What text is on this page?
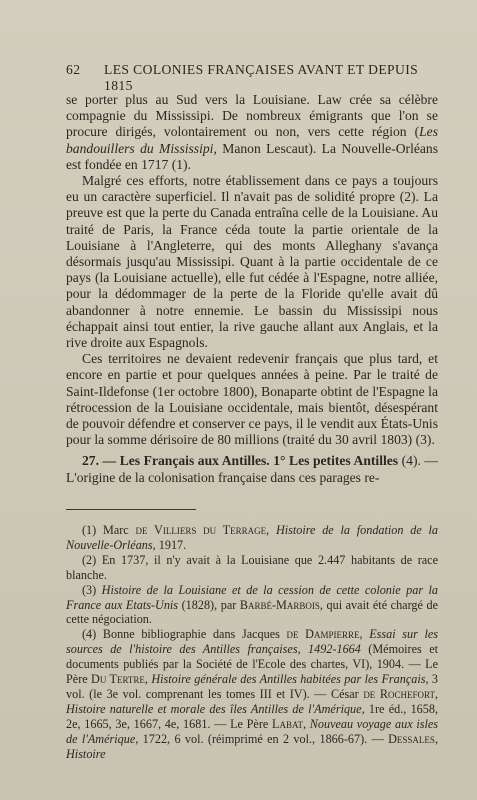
62	LES COLONIES FRANÇAISES AVANT ET DEPUIS 1815

se porter plus au Sud vers la Louisiane. Law crée sa célèbre compagnie du Mississipi. De nombreux émigrants que l'on se procure dirigés, volontairement ou non, vers cette région (Les bandouillers du Mississipi, Manon Lescaut). La Nouvelle-Orléans est fondée en 1717 (1).

Malgré ces efforts, notre établissement dans ce pays a toujours eu un caractère superficiel. Il n'avait pas de solidité propre (2). La preuve est que la perte du Canada entraîna celle de la Louisiane. Au traité de Paris, la France céda toute la partie orientale de la Louisiane à l'Angleterre, qui des monts Alleghany s'avança désormais jusqu'au Mississipi. Quant à la partie occidentale de ce pays (la Louisiane actuelle), elle fut cédée à l'Espagne, notre alliée, pour la dédommager de la perte de la Floride qu'elle avait dû abandonner à notre ennemie. Le bassin du Mississipi nous échappait ainsi tout entier, la rive gauche allant aux Anglais, et la rive droite aux Espagnols.

Ces territoires ne devaient redevenir français que plus tard, et encore en partie et pour quelques années à peine. Par le traité de Saint-Ildefonse (1er octobre 1800), Bonaparte obtint de l'Espagne la rétrocession de la Louisiane occidentale, mais bientôt, désespérant de pouvoir défendre et conserver ce pays, il le vendit aux États-Unis pour la somme dérisoire de 80 millions (traité du 30 avril 1803) (3).

27. — Les Français aux Antilles. 1° Les petites Antilles (4). — L'origine de la colonisation française dans ces parages re-

(1) Marc de Villiers du Terrage, Histoire de la fondation de la Nouvelle-Orléans, 1917.

(2) En 1737, il n'y avait à la Louisiane que 2.447 habitants de race blanche.

(3) Histoire de la Louisiane et de la cession de cette colonie par la France aux Etats-Unis (1828), par Barbé-Marbois, qui avait été chargé de cette négociation.

(4) Bonne bibliographie dans Jacques de Dampierre, Essai sur les sources de l'histoire des Antilles françaises, 1492-1664 (Mémoires et documents publiés par la Société de l'Ecole des chartes, VI), 1904. — Le Père Du Tertre, Histoire générale des Antilles habitées par les Français, 3 vol. (le 3e vol. comprenant les tomes III et IV). — César de Rochefort, Histoire naturelle et morale des îles Antilles de l'Amérique, 1re éd., 1658, 2e, 1665, 3e, 1667, 4e, 1681. — Le Père Labat, Nouveau voyage aux isles de l'Amérique, 1722, 6 vol. (réimprimé en 2 vol., 1866-67). — Dessales, Histoire
